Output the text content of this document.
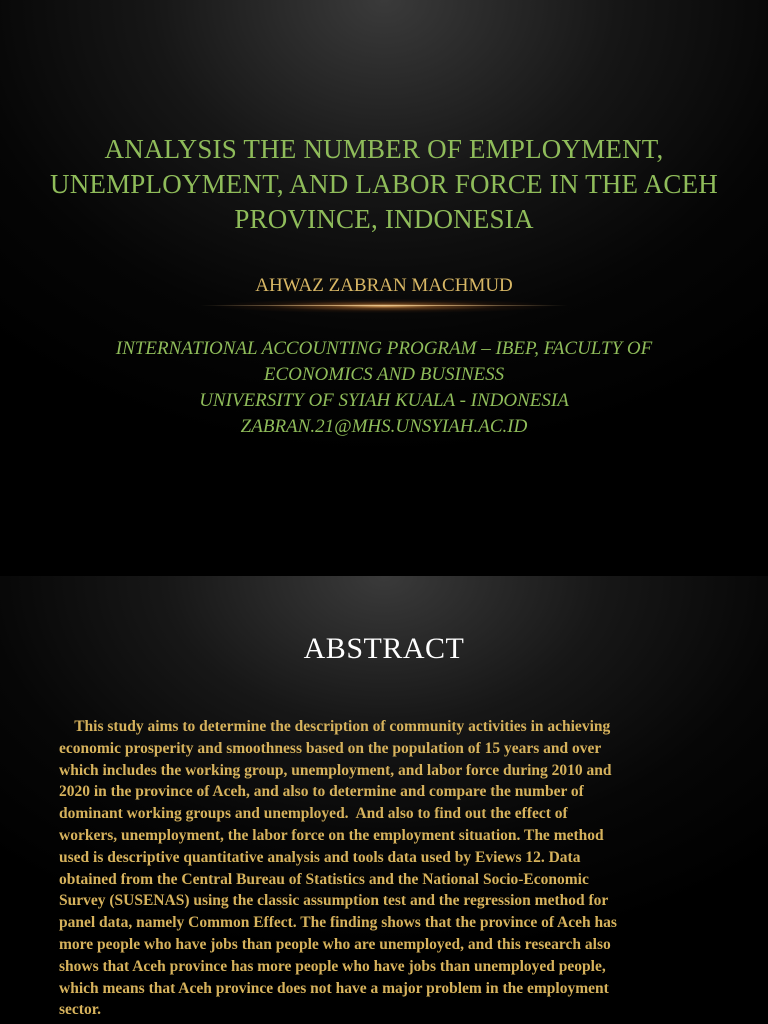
ANALYSIS THE NUMBER OF EMPLOYMENT,
UNEMPLOYMENT, AND LABOR FORCE IN THE ACEH
PROVINCE, INDONESIA
AHWAZ ZABRAN MACHMUD
INTERNATIONAL ACCOUNTING PROGRAM – IBEP, FACULTY OF
ECONOMICS AND BUSINESS
UNIVERSITY OF SYIAH KUALA - INDONESIA
ZABRAN.21@MHS.UNSYIAH.AC.ID
ABSTRACT
This study aims to determine the description of community activities in achieving
economic prosperity and smoothness based on the population of 15 years and over
which includes the working group, unemployment, and labor force during 2010 and
2020 in the province of Aceh, and also to determine and compare the number of
dominant working groups and unemployed.  And also to find out the effect of
workers, unemployment, the labor force on the employment situation. The method
used is descriptive quantitative analysis and tools data used by Eviews 12. Data
obtained from the Central Bureau of Statistics and the National Socio-Economic
Survey (SUSENAS) using the classic assumption test and the regression method for
panel data, namely Common Effect. The finding shows that the province of Aceh has
more people who have jobs than people who are unemployed, and this research also
shows that Aceh province has more people who have jobs than unemployed people,
which means that Aceh province does not have a major problem in the employment
sector.
